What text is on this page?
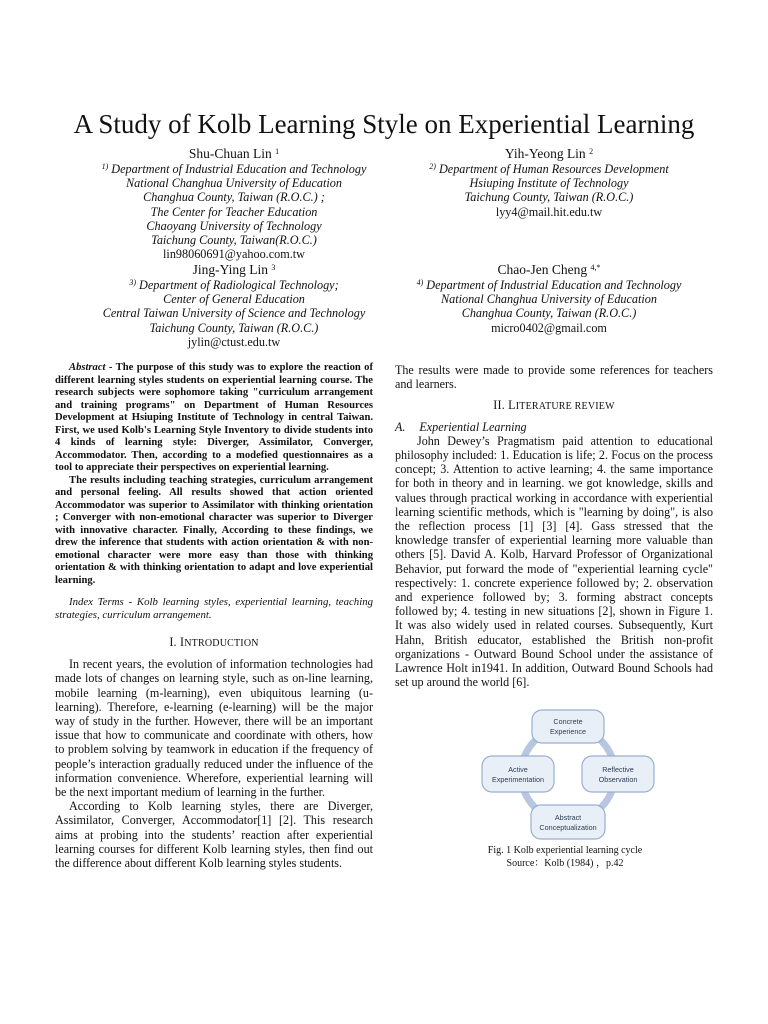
A Study of Kolb Learning Style on Experiential Learning
Shu-Chuan Lin $^1$
$^{1)}$ Department of Industrial Education and Technology
National Changhua University of Education
Changhua County, Taiwan (R.O.C.) ;
The Center for Teacher Education
Chaoyang University of Technology
Taichung County, Taiwan(R.O.C.)
lin98060691@yahoo.com.tw
Yih-Yeong Lin $^2$
$^{2)}$ Department of Human Resources Development
Hsiuping Institute of Technology
Taichung County, Taiwan (R.O.C.)
lyy4@mail.hit.edu.tw
Jing-Ying Lin $^3$
$^{3)}$ Department of Radiological Technology;
Center of General Education
Central Taiwan University of Science and Technology
Taichung County, Taiwan (R.O.C.)
jylin@ctust.edu.tw
Chao-Jen Cheng $^{4,*}$
$^{4)}$ Department of Industrial Education and Technology
National Changhua University of Education
Changhua County, Taiwan (R.O.C.)
micro0402@gmail.com

Abstract - The purpose of this study was to explore the reaction of different learning styles students on experiential learning course. The research subjects were sophomore taking "curriculum arrangement and training programs" on Department of Human Resources Development at Hsiuping Institute of Technology in central Taiwan. First, we used Kolb's Learning Style Inventory to divide students into 4 kinds of learning style: Diverger, Assimilator, Converger, Accommodator. Then, according to a modefied questionnaires as a tool to appreciate their perspectives on experiential learning.

The results including teaching strategies, curriculum arrangement and personal feeling. All results showed that action oriented Accommodator was superior to Assimilator with thinking orientation ; Converger with non-emotional character was superior to Diverger with innovative character. Finally, According to these findings, we drew the inference that students with action orientation & with non-emotional character were more easy than those with thinking orientation & with thinking orientation to adapt and love experiential learning.

Index Terms - Kolb learning styles, experiential learning, teaching strategies, curriculum arrangement.

I. INTRODUCTION

In recent years, the evolution of information technologies had made lots of changes on learning style, such as on-line learning, mobile learning (m-learning), even ubiquitous learning (u-learning). Therefore, e-learning (e-learning) will be the major way of study in the further. However, there will be an important issue that how to communicate and coordinate with others, how to problem solving by teamwork in education if the frequency of people’s interaction gradually reduced under the influence of the information convenience. Wherefore, experiential learning will be the next important medium of learning in the further.

According to Kolb learning styles, there are Diverger, Assimilator, Converger, Accommodator[1] [2]. This research aims at probing into the students’ reaction after experiential learning courses for different Kolb learning styles, then find out the difference about different Kolb learning styles students.

The results were made to provide some references for teachers and learners.

II. LITERATURE REVIEW
A. Experiential Learning

John Dewey’s Pragmatism paid attention to educational philosophy included: 1. Education is life; 2. Focus on the process concept; 3. Attention to active learning; 4. the same importance for both in theory and in learning. we got knowledge, skills and values through practical working in accordance with experiential learning scientific methods, which is "learning by doing", is also the reflection process [1] [3] [4]. Gass stressed that the knowledge transfer of experiential learning more valuable than others [5]. David A. Kolb, Harvard Professor of Organizational Behavior, put forward the mode of "experiential learning cycle" respectively: 1. concrete experience followed by; 2. observation and experience followed by; 3. forming abstract concepts followed by; 4. testing in new situations [2], shown in Figure 1. It was also widely used in related courses. Subsequently, Kurt Hahn, British educator, established the British non-profit organizations - Outward Bound School under the assistance of Lawrence Holt in1941. In addition, Outward Bound Schools had set up around the world [6].

Concrete
Experience
Reflective
Observation
Abstract
Conceptualization
Active
Experimentation
Fig. 1 Kolb experiential learning cycle
Source：Kolb (1984) ，p.42
